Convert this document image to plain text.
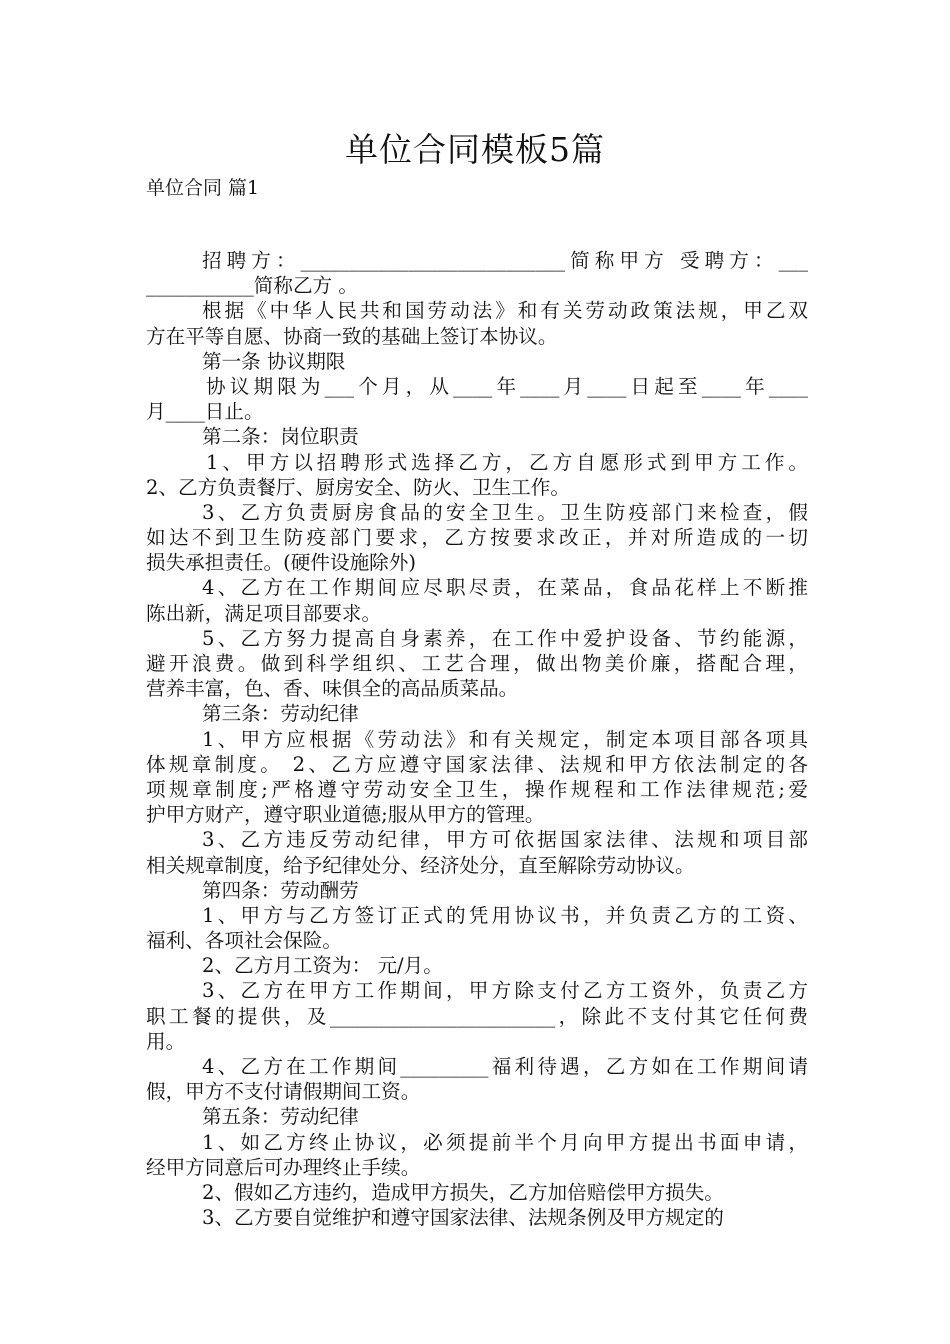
单位合同模板5篇
单位合同 篇1
招聘方：___________________________简称甲方 受聘方：___
___________简称乙方 。
根据《中华人民共和国劳动法》和有关劳动政策法规，甲乙双
方在平等自愿、协商一致的基础上签订本协议。
第一条 协议期限
协议期限为___个月，从____年____月____日起至____年____
月____日止。
第二条：岗位职责
1、甲方以招聘形式选择乙方，乙方自愿形式到甲方工作。
2、乙方负责餐厅、厨房安全、防火、卫生工作。
3、乙方负责厨房食品的安全卫生。卫生防疫部门来检查，假
如达不到卫生防疫部门要求，乙方按要求改正，并对所造成的一切
损失承担责任。(硬件设施除外)
4、乙方在工作期间应尽职尽责，在菜品，食品花样上不断推
陈出新，满足项目部要求。
5、乙方努力提高自身素养，在工作中爱护设备、节约能源，
避开浪费。做到科学组织、工艺合理，做出物美价廉，搭配合理，
营养丰富，色、香、味俱全的高品质菜品。
第三条：劳动纪律
1、甲方应根据《劳动法》和有关规定，制定本项目部各项具
体规章制度。 2、乙方应遵守国家法律、法规和甲方依法制定的各
项规章制度;严格遵守劳动安全卫生，操作规程和工作法律规范;爱
护甲方财产，遵守职业道德;服从甲方的管理。
3、乙方违反劳动纪律，甲方可依据国家法律、法规和项目部
相关规章制度，给予纪律处分、经济处分，直至解除劳动协议。
第四条：劳动酬劳
1、甲方与乙方签订正式的凭用协议书，并负责乙方的工资、
福利、各项社会保险。
2、乙方月工资为： 元/月。
3、乙方在甲方工作期间，甲方除支付乙方工资外，负责乙方
职工餐的提供，及_______________________，除此不支付其它任何费
用。
4、乙方在工作期间_________福利待遇，乙方如在工作期间请
假，甲方不支付请假期间工资。
第五条：劳动纪律
1、如乙方终止协议，必须提前半个月向甲方提出书面申请，
经甲方同意后可办理终止手续。
2、假如乙方违约，造成甲方损失，乙方加倍赔偿甲方损失。
3、乙方要自觉维护和遵守国家法律、法规条例及甲方规定的
